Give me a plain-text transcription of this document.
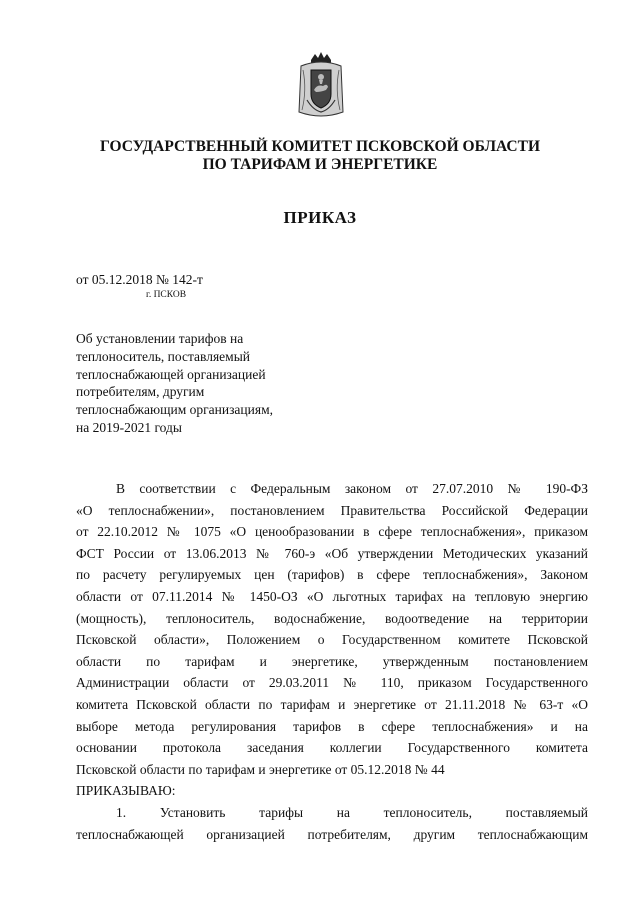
ГОСУДАРСТВЕННЫЙ КОМИТЕТ ПСКОВСКОЙ ОБЛАСТИ
ПО ТАРИФАМ И ЭНЕРГЕТИКЕ
ПРИКАЗ
от 05.12.2018 № 142-т
г. ПСКОВ
Об установлении тарифов на
теплоноситель, поставляемый
теплоснабжающей организацией
потребителям, другим
теплоснабжающим организациям,
на 2019-2021 годы
В соответствии с Федеральным законом от 27.07.2010 № 190-ФЗ
«О теплоснабжении», постановлением Правительства Российской Федерации
от 22.10.2012 № 1075 «О ценообразовании в сфере теплоснабжения», приказом
ФСТ России от 13.06.2013 № 760-э «Об утверждении Методических указаний
по расчету регулируемых цен (тарифов) в сфере теплоснабжения», Законом
области от 07.11.2014 № 1450-ОЗ «О льготных тарифах на тепловую энергию
(мощность), теплоноситель, водоснабжение, водоотведение на территории
Псковской области», Положением о Государственном комитете Псковской
области по тарифам и энергетике, утвержденным постановлением
Администрации области от 29.03.2011 № 110, приказом Государственного
комитета Псковской области по тарифам и энергетике от 21.11.2018 № 63-т «О
выборе метода регулирования тарифов в сфере теплоснабжения» и на
основании протокола заседания коллегии Государственного комитета
Псковской области по тарифам и энергетике от 05.12.2018 № 44
ПРИКАЗЫВАЮ:
1. Установить тарифы на теплоноситель, поставляемый
теплоснабжающей организацией потребителям, другим теплоснабжающим
